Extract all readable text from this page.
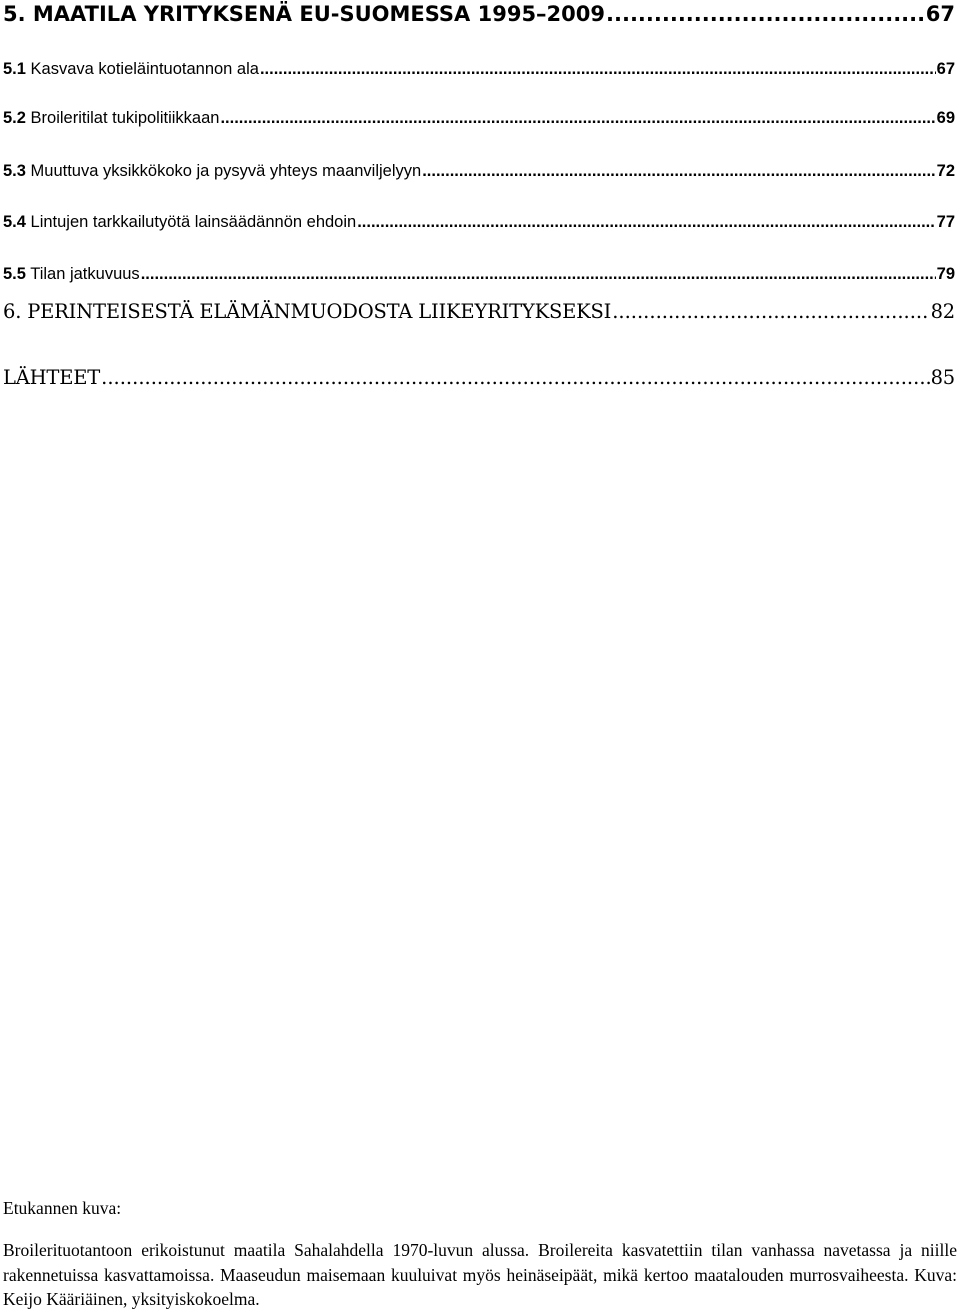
5. MAATILA YRITYKSENÄ EU-SUOMESSA 1995–2009 .....	67
5.1 Kasvava kotieläintuotannon ala .....	67
5.2 Broileritilat tukipolitiikkaan .....	69
5.3 Muuttuva yksikkökoko ja pysyvä yhteys maanviljelyyn .....	72
5.4 Lintujen tarkkailutyötä lainsäädännön ehdoin .....	77
5.5 Tilan jatkuvuus .....	79
6. PERINTEISESTÄ ELÄMÄNMUODOSTA LIIKEYRITYKSEKSI .....	82
LÄHTEET .....	85
Etukannen kuva:
Broilerituotantoon erikoistunut maatila Sahalahdella 1970-luvun alussa. Broilereita kasvatettiin tilan vanhassa navetassa ja niille rakennetuissa kasvattamoissa. Maaseudun maisemaan kuuluivat myös heinäseipäät, mikä kertoo maatalouden murrosvaiheesta. Kuva: Keijo Kääriäinen, yksityiskokoelma.
